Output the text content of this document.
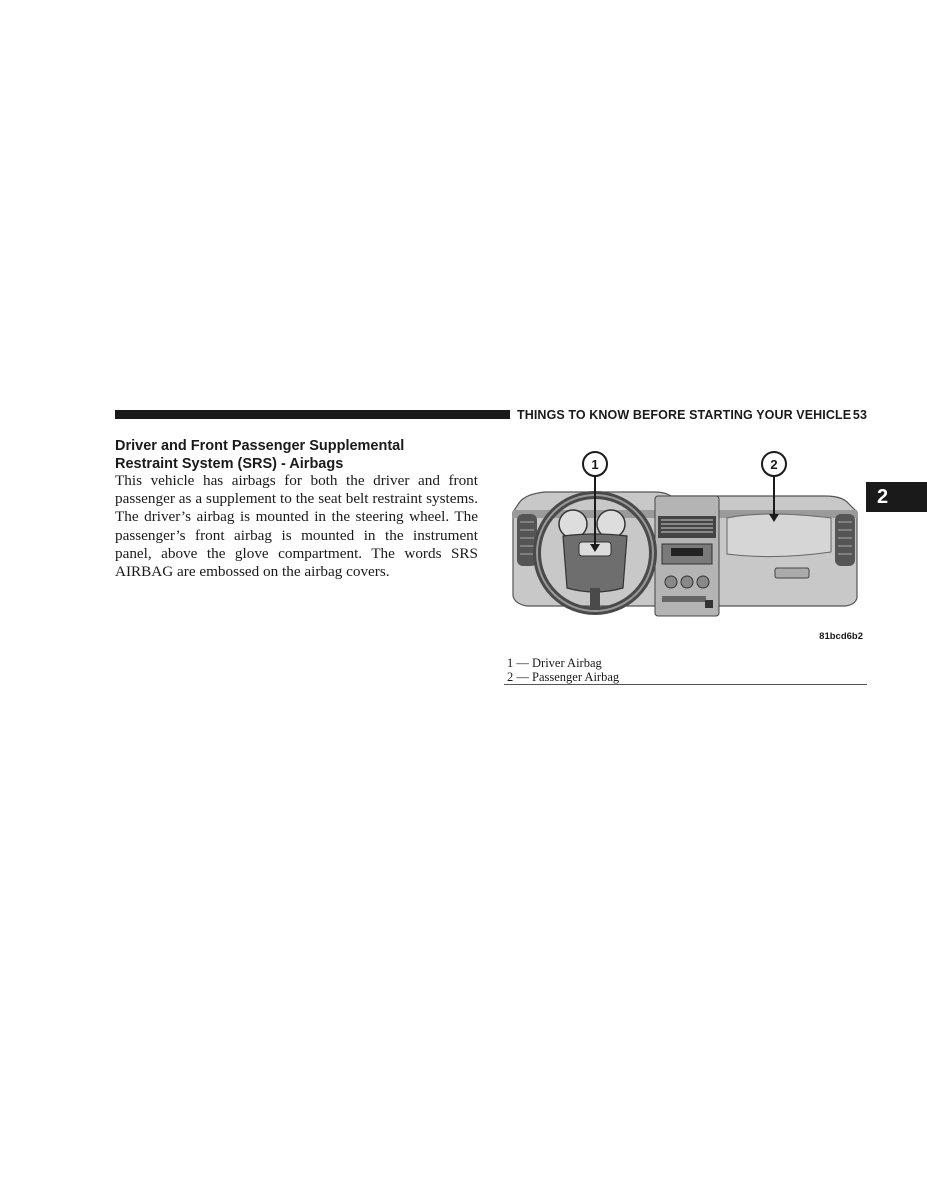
THINGS TO KNOW BEFORE STARTING YOUR VEHICLE 53
2
Driver and Front Passenger Supplemental
Restraint System (SRS) - Airbags

This vehicle has airbags for both the driver and front passenger as a supplement to the seat belt restraint systems. The driver’s airbag is mounted in the steering wheel. The passenger’s front airbag is mounted in the instrument panel, above the glove compartment. The words SRS AIRBAG are embossed on the airbag covers.

1	2
81bcd6b2
1 — Driver Airbag
2 — Passenger Airbag
